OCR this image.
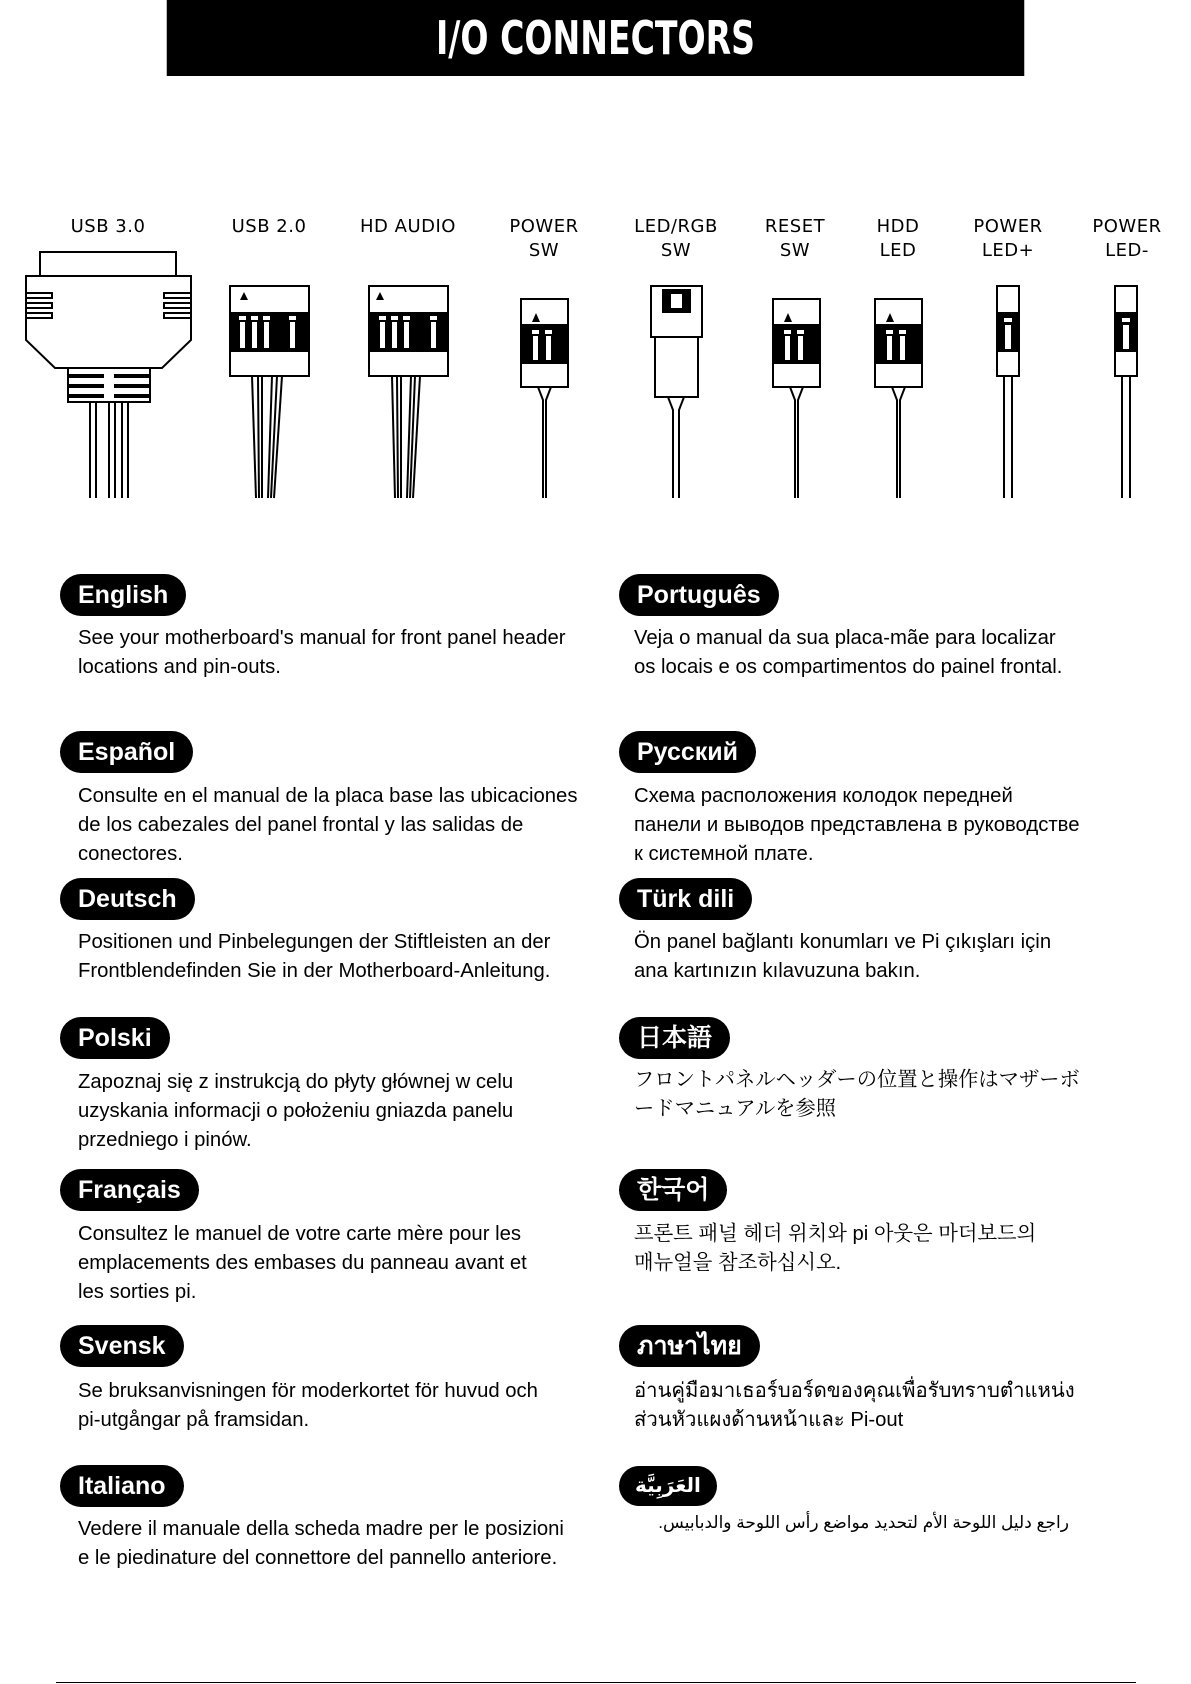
I/O CONNECTORS
USB 3.0	USB 2.0	HD AUDIO	POWER
SW
LED/RGB
SW
RESET
SW
HDD
LED
POWER
LED+
POWER
LED-
English
See your motherboard's manual for front panel header
locations and pin-outs.
Español
Consulte en el manual de la placa base las ubicaciones
de los cabezales del panel frontal y las salidas de
conectores.
Deutsch
Positionen und Pinbelegungen der Stiftleisten an der
Frontblendefinden Sie in der Motherboard-Anleitung.
Polski
Zapoznaj się z instrukcją do płyty głównej w celu
uzyskania informacji o położeniu gniazda panelu
przedniego i pinów.
Français
Consultez le manuel de votre carte mère pour les
emplacements des embases du panneau avant et
les sorties pi.
Svensk
Se bruksanvisningen för moderkortet för huvud och
pi-utgångar på framsidan.
Italiano
Vedere il manuale della scheda madre per le posizioni
e le piedinature del connettore del pannello anteriore.
Português
Veja o manual da sua placa-mãe para localizar
os locais e os compartimentos do painel frontal.
Русский
Схема расположения колодок передней
панели и выводов представлена в руководстве
к системной плате.
Türk dili
Ön panel bağlantı konumları ve Pi çıkışları için
ana kartınızın kılavuzuna bakın.
日本語
フロントパネルヘッダーの位置と操作はマザーボ
ードマニュアルを参照
한국어
프론트 패널 헤더 위치와 pi 아웃은 마더보드의
매뉴얼을 참조하십시오.
ภาษาไทย
อ่านคู่มือมาเธอร์บอร์ดของคุณเพื่อรับทราบตำแหน่ง
ส่วนหัวแผงด้านหน้าและ Pi-out
العَرَبِيَّة
راجع دليل اللوحة الأم لتحديد مواضع رأس اللوحة والدبابيس.
